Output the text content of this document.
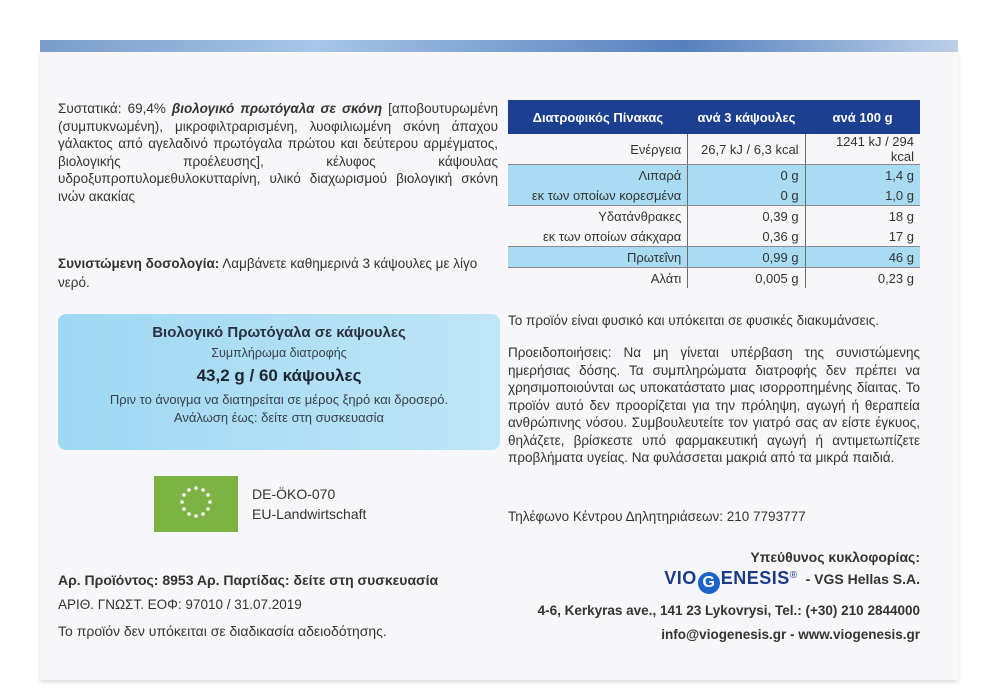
Συστατικά: 69,4% βιολογικό πρωτόγαλα σε σκόνη [αποβουτυρωμένη (συμπυκνωμένη), μικροφιλτραρισμένη, λυοφιλιωμένη σκόνη άπαχου γάλακτος από αγελαδινό πρωτόγαλα πρώτου και δεύτερου αρμέγματος, βιολογικής προέλευσης], κέλυφος κάψουλας υδροξυπροπυλομεθυλοκυτταρίνη, υλικό διαχωρισμού βιολογική σκόνη ινών ακακίας
Συνιστώμενη δοσολογία: Λαμβάνετε καθημερινά 3 κάψουλες με λίγο νερό.
Βιολογικό Πρωτόγαλα σε κάψουλες
Συμπλήρωμα διατροφής
43,2 g / 60 κάψουλες
Πριν το άνοιγμα να διατηρείται σε μέρος ξηρό και δροσερό.
Ανάλωση έως: δείτε στη συσκευασία
DE-ÖKO-070
EU-Landwirtschaft
Αρ. Προϊόντος: 8953 Αρ. Παρτίδας: δείτε στη συσκευασία
ΑΡΙΘ. ΓΝΩΣΤ. ΕΟΦ: 97010 / 31.07.2019
Το προϊόν δεν υπόκειται σε διαδικασία αδειοδότησης.
Διατροφικός Πίνακας	ανά 3 κάψουλες	ανά 100 g
Ενέργεια	26,7 kJ / 6,3 kcal	1241 kJ / 294 kcal
Λιπαρά	0 g	1,4 g
εκ των οποίων κορεσμένα	0 g	1,0 g
Υδατάνθρακες	0,39 g	18 g
εκ των οποίων σάκχαρα	0,36 g	17 g
Πρωτεΐνη	0,99 g	46 g
Αλάτι	0,005 g	0,23 g
Το προϊόν είναι φυσικό και υπόκειται σε φυσικές διακυμάνσεις.
Προειδοποιήσεις: Να μη γίνεται υπέρβαση της συνιστώμενης ημερήσιας δόσης. Τα συμπληρώματα διατροφής δεν πρέπει να χρησιμοποιούνται ως υποκατάστατο μιας ισορροπημένης δίαιτας. Το προϊόν αυτό δεν προορίζεται για την πρόληψη, αγωγή ή θεραπεία ανθρώπινης νόσου. Συμβουλευτείτε τον γιατρό σας αν είστε έγκυος, θηλάζετε, βρίσκεστε υπό φαρμακευτική αγωγή ή αντιμετωπίζετε προβλήματα υγείας. Να φυλάσσεται μακριά από τα μικρά παιδιά.
Τηλέφωνο Κέντρου Δηλητηριάσεων: 210 7793777
Υπεύθυνος κυκλοφορίας:
VIO G ENESIS® - VGS Hellas S.A.
4-6, Kerkyras ave., 141 23 Lykovrysi, Tel.: (+30) 210 2844000
info@viogenesis.gr - www.viogenesis.gr
